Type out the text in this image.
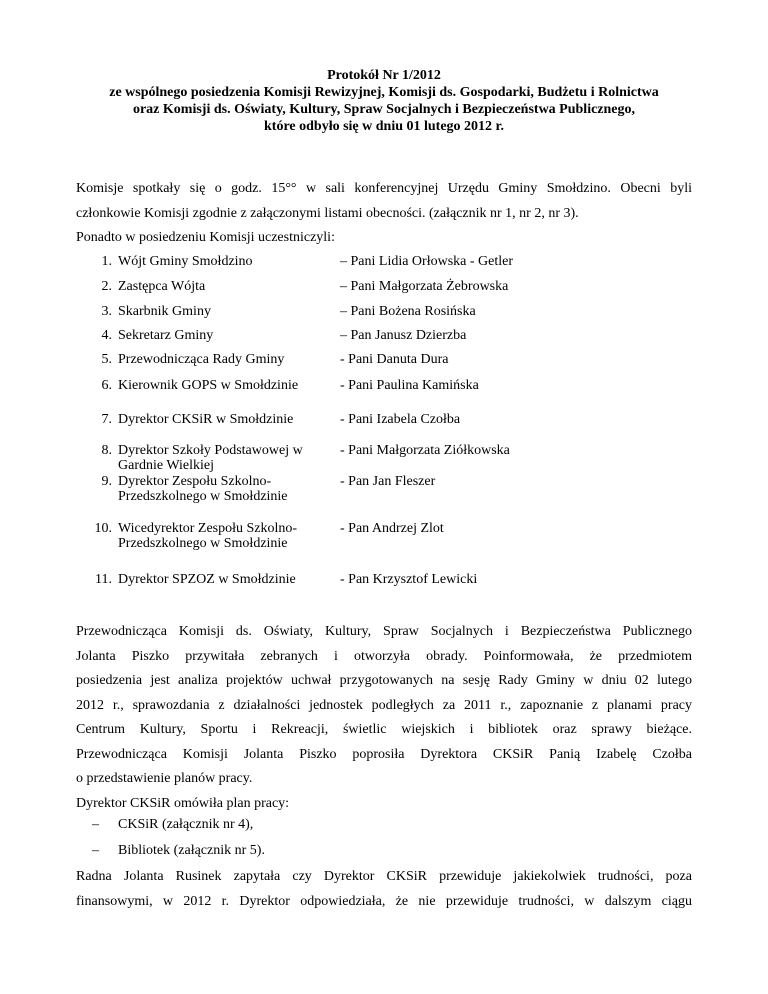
Protokół Nr 1/2012
ze wspólnego posiedzenia Komisji Rewizyjnej, Komisji ds. Gospodarki, Budżetu i Rolnictwa
oraz Komisji ds. Oświaty, Kultury, Spraw Socjalnych i Bezpieczeństwa Publicznego,
które odbyło się w dniu 01 lutego 2012 r.
Komisje spotkały się o godz. 15°° w sali konferencyjnej Urzędu Gminy Smołdzino. Obecni byli
członkowie Komisji zgodnie z załączonymi listami obecności. (załącznik nr 1, nr 2, nr 3).
Ponadto w posiedzeniu Komisji uczestniczyli:
1. Wójt Gminy Smołdzino	– Pani Lidia Orłowska - Getler
2. Zastępca Wójta	– Pani Małgorzata Żebrowska
3. Skarbnik Gminy	– Pani Bożena Rosińska
4. Sekretarz Gminy	– Pan Janusz Dzierzba
5. Przewodnicząca Rady Gminy	- Pani Danuta Dura
6. Kierownik GOPS w Smołdzinie	- Pani Paulina Kamińska
7. Dyrektor CKSiR w Smołdzinie	- Pani Izabela Czołba
8. Dyrektor Szkoły Podstawowej w Gardnie Wielkiej
- Pani Małgorzata Ziółkowska
9. Dyrektor Zespołu Szkolno-Przedszkolnego w Smołdzinie
- Pan Jan Fleszer
10. Wicedyrektor Zespołu Szkolno-Przedszkolnego w Smołdzinie
- Pan Andrzej Zlot
11. Dyrektor SPZOZ w Smołdzinie	- Pan Krzysztof Lewicki
Przewodnicząca Komisji ds. Oświaty, Kultury, Spraw Socjalnych i Bezpieczeństwa Publicznego
Jolanta Piszko przywitała zebranych i otworzyła obrady. Poinformowała, że przedmiotem
posiedzenia jest analiza projektów uchwał przygotowanych na sesję Rady Gminy w dniu 02 lutego
2012 r., sprawozdania z działalności jednostek podległych za 2011 r., zapoznanie z planami pracy
Centrum Kultury, Sportu i Rekreacji, świetlic wiejskich i bibliotek oraz sprawy bieżące.
Przewodnicząca Komisji Jolanta Piszko poprosiła Dyrektora CKSiR Panią Izabelę Czołba
o przedstawienie planów pracy.
Dyrektor CKSiR omówiła plan pracy:
– CKSiR (załącznik nr 4),
– Bibliotek (załącznik nr 5).
Radna Jolanta Rusinek zapytała czy Dyrektor CKSiR przewiduje jakiekolwiek trudności, poza
finansowymi, w 2012 r. Dyrektor odpowiedziała, że nie przewiduje trudności, w dalszym ciągu
